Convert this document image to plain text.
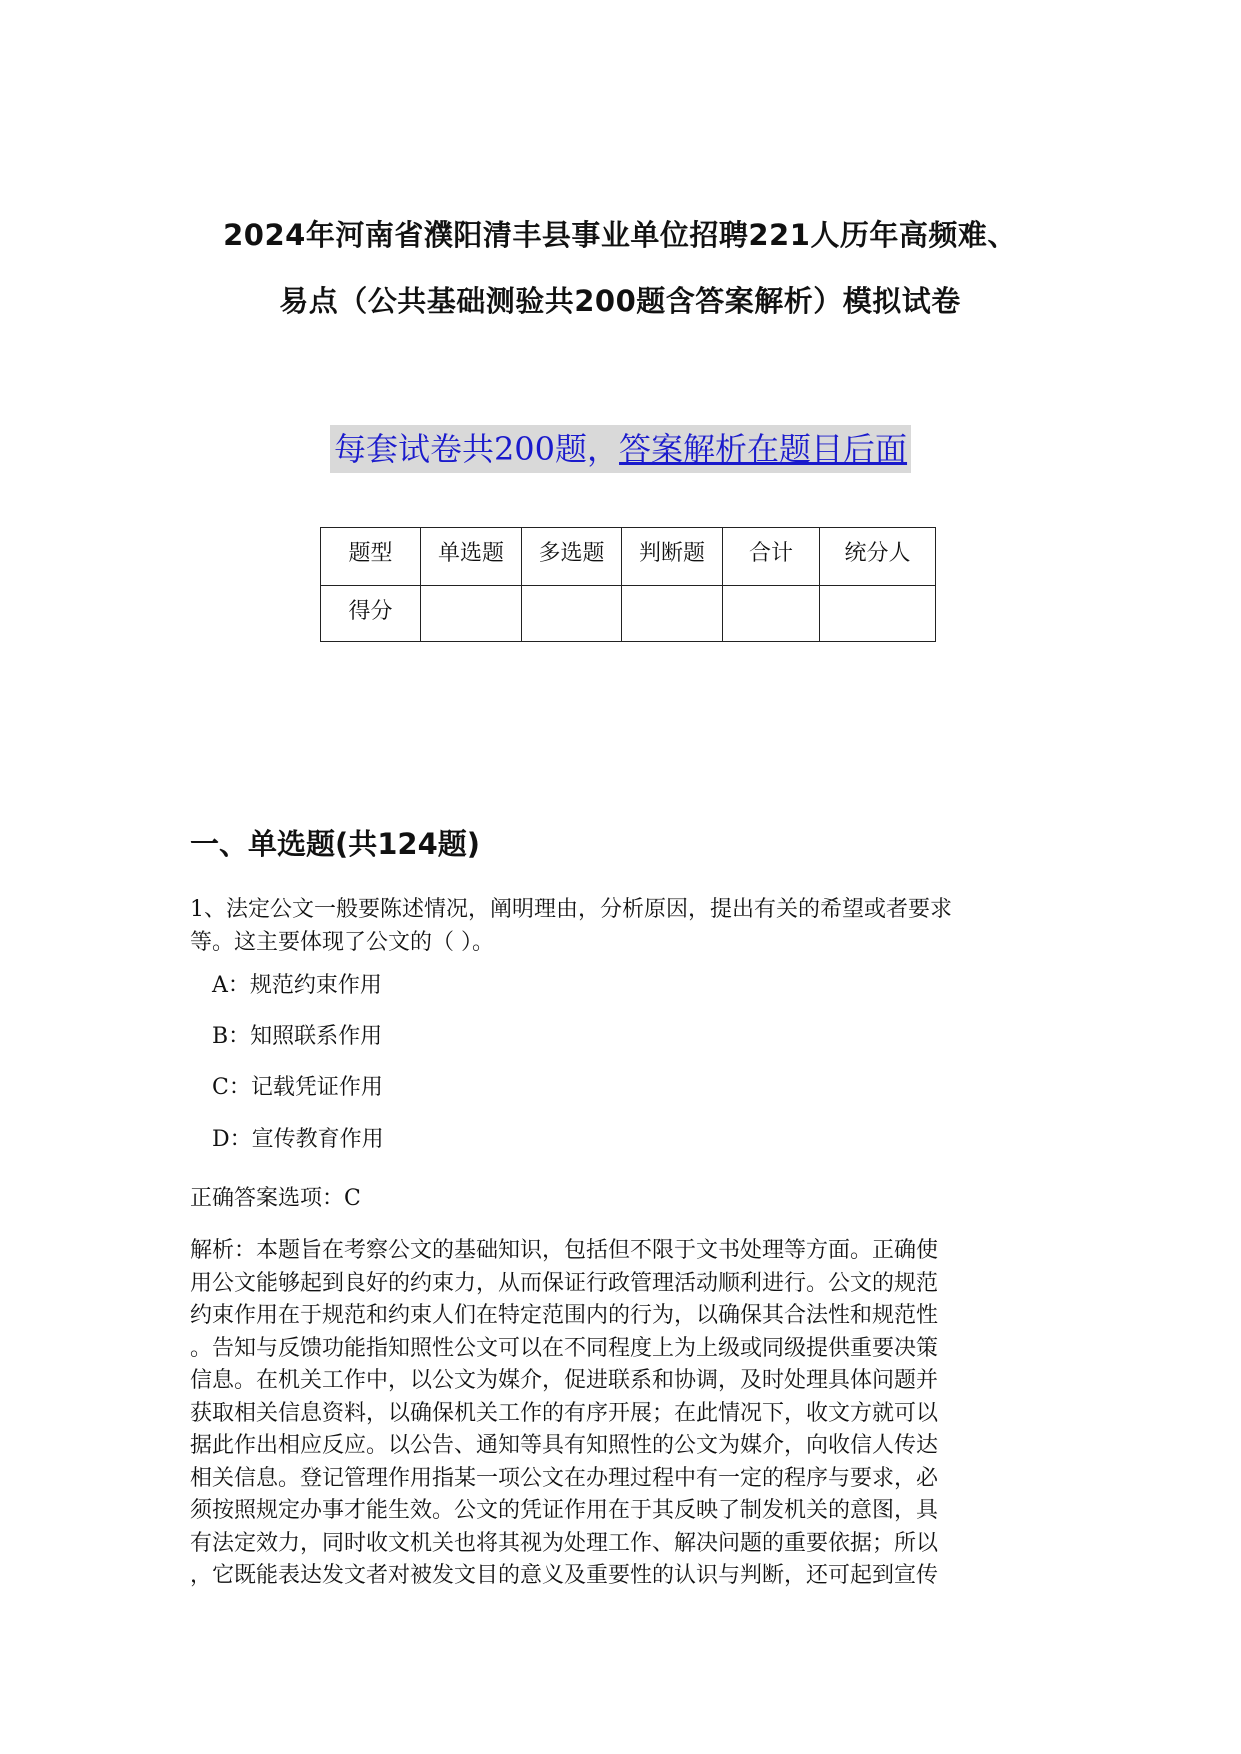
2024年河南省濮阳清丰县事业单位招聘221人历年高频难、
易点（公共基础测验共200题含答案解析）模拟试卷
每套试卷共200题，答案解析在题目后面
题型	单选题	多选题	判断题	合计	统分人
得分					
一、单选题(共124题)
1、法定公文一般要陈述情况，阐明理由，分析原因，提出有关的希望或者要求
等。这主要体现了公文的（ ）。
A：规范约束作用
B：知照联系作用
C：记载凭证作用
D：宣传教育作用
正确答案选项：C
解析：本题旨在考察公文的基础知识，包括但不限于文书处理等方面。正确使
用公文能够起到良好的约束力，从而保证行政管理活动顺利进行。公文的规范
约束作用在于规范和约束人们在特定范围内的行为，以确保其合法性和规范性
。告知与反馈功能指知照性公文可以在不同程度上为上级或同级提供重要决策
信息。在机关工作中，以公文为媒介，促进联系和协调，及时处理具体问题并
获取相关信息资料，以确保机关工作的有序开展；在此情况下，收文方就可以
据此作出相应反应。以公告、通知等具有知照性的公文为媒介，向收信人传达
相关信息。登记管理作用指某一项公文在办理过程中有一定的程序与要求，必
须按照规定办事才能生效。公文的凭证作用在于其反映了制发机关的意图，具
有法定效力，同时收文机关也将其视为处理工作、解决问题的重要依据；所以
，它既能表达发文者对被发文目的意义及重要性的认识与判断，还可起到宣传
